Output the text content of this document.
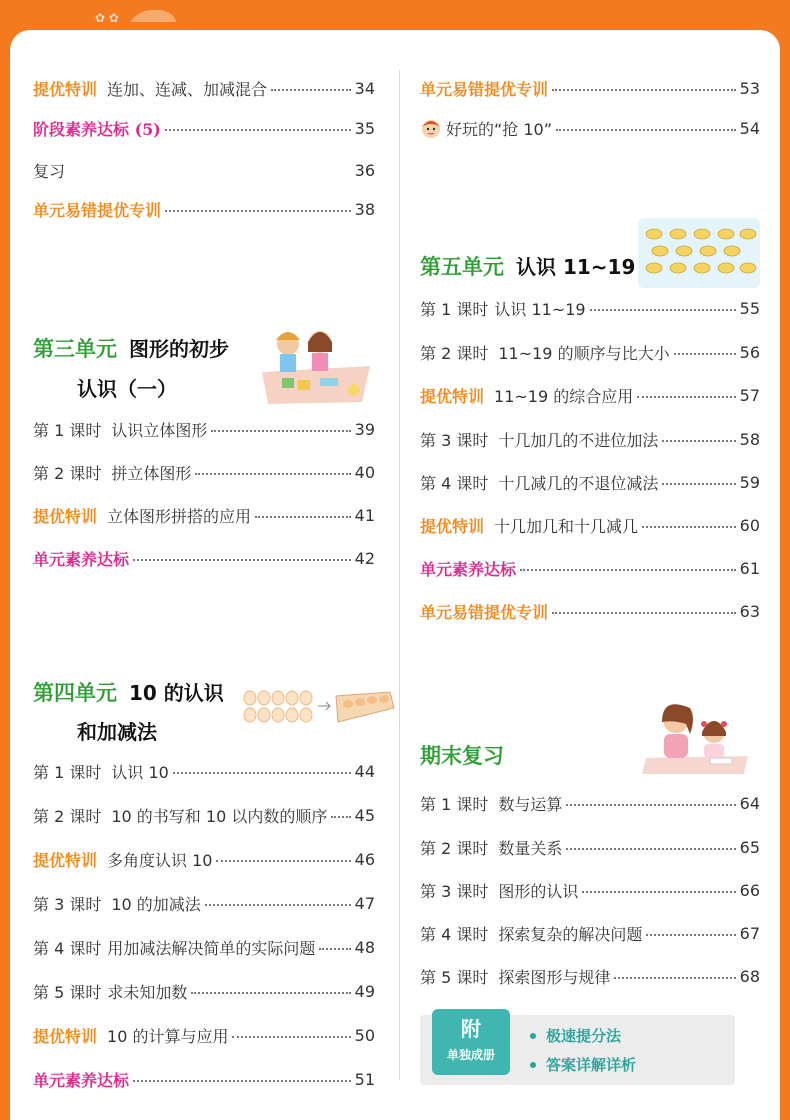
✿ ✿
提优特训 连加、连减、加减混合	34
阶段素养达标 (5)	35
复习	36
单元易错提优专训	38
第三单元 图形的初步
认识（一）
第 1 课时 认识立体图形	39
第 2 课时 拼立体图形	40
提优特训 立体图形拼搭的应用	41
单元素养达标	42
第四单元 10 的认识
和加减法
第 1 课时 认识 10	44
第 2 课时 10 的书写和 10 以内数的顺序 45
提优特训 多角度认识 10	46
第 3 课时 10 的加减法	47
第 4 课时 用加减法解决简单的实际问题 48
第 5 课时 求未知加数	49
提优特训 10 的计算与应用	50
单元素养达标	51
单元易错提优专训	53
好玩的“抢 10”	54
第五单元 认识 11~19
第 1 课时 认识 11~19	55
第 2 课时 11~19 的顺序与比大小	56
提优特训 11~19 的综合应用	57
第 3 课时 十几加几的不进位加法	58
第 4 课时 十几减几的不退位减法	59
提优特训 十几加几和十几减几	60
单元素养达标	61
单元易错提优专训	63
期末复习
第 1 课时 数与运算	64
第 2 课时 数量关系	65
第 3 课时 图形的认识	66
第 4 课时 探索复杂的解决问题	67
第 5 课时 探索图形与规律	68
附
单独成册
极速提分法
答案详解详析
